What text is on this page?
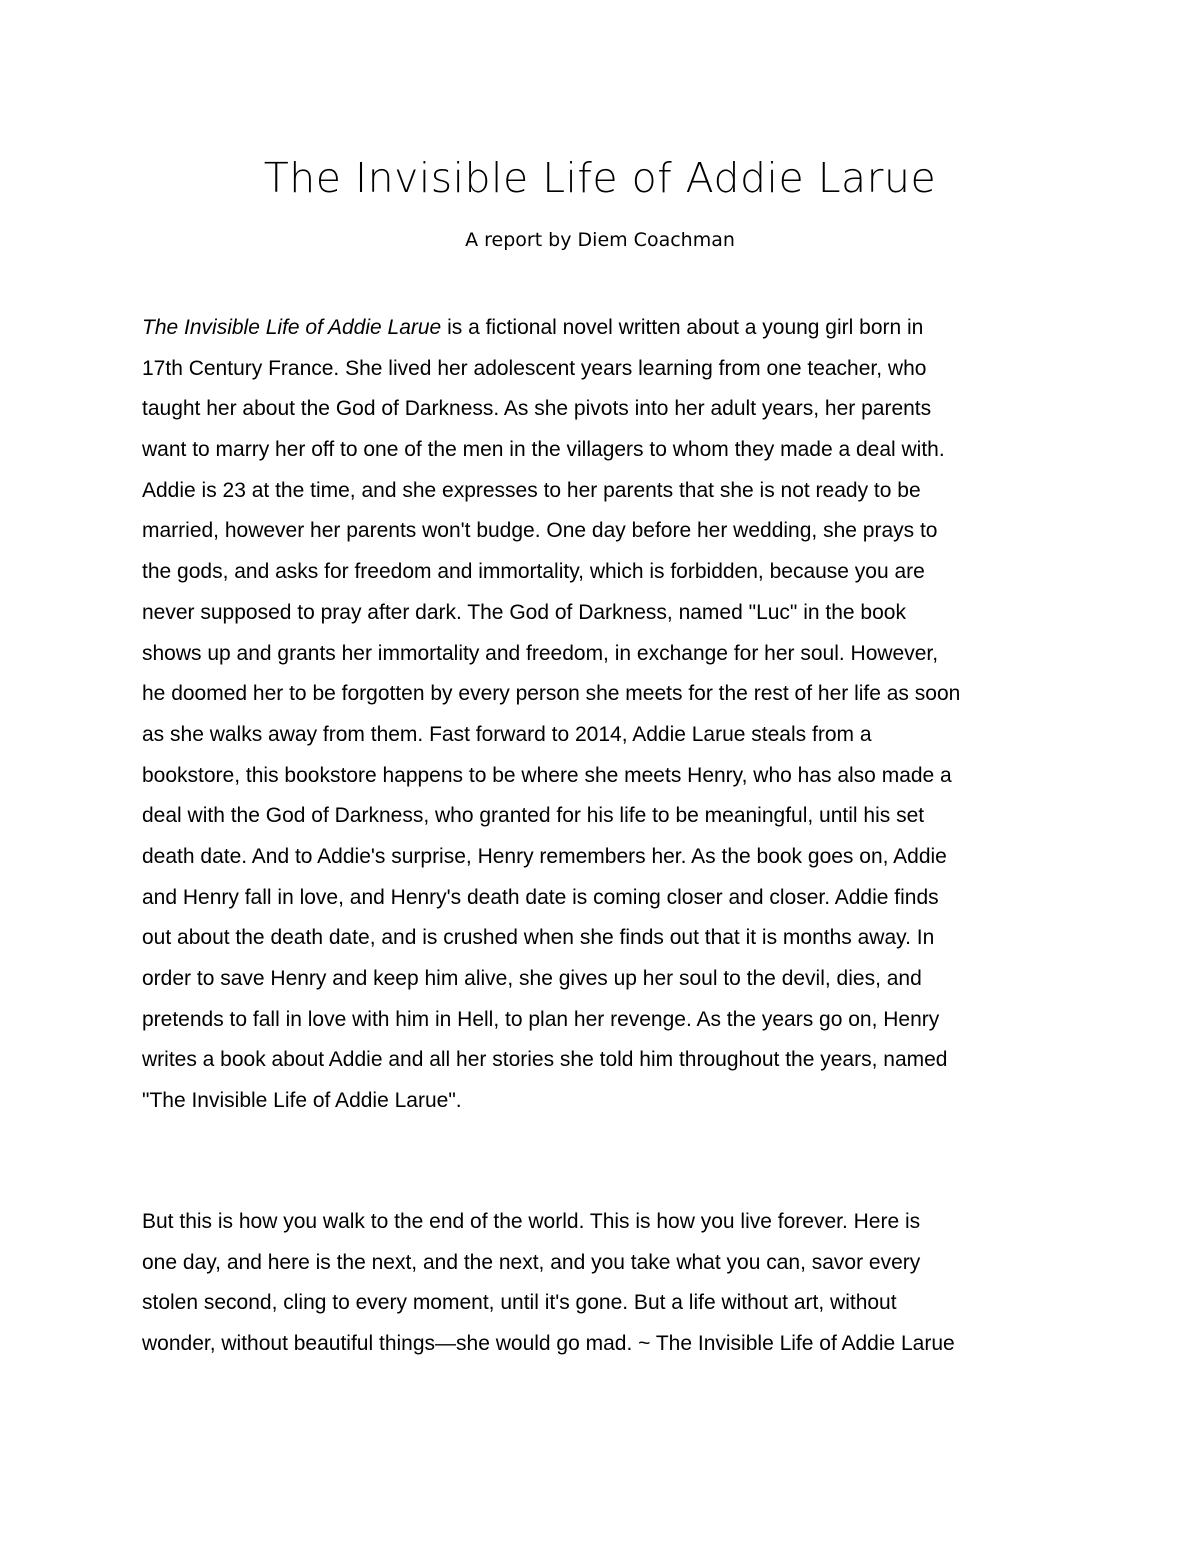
The Invisible Life of Addie Larue

A report by Diem Coachman

The Invisible Life of Addie Larue is a fictional novel written about a young girl born in
17th Century France. She lived her adolescent years learning from one teacher, who
taught her about the God of Darkness. As she pivots into her adult years, her parents
want to marry her off to one of the men in the villagers to whom they made a deal with.
Addie is 23 at the time, and she expresses to her parents that she is not ready to be
married, however her parents won't budge. One day before her wedding, she prays to
the gods, and asks for freedom and immortality, which is forbidden, because you are
never supposed to pray after dark. The God of Darkness, named "Luc" in the book
shows up and grants her immortality and freedom, in exchange for her soul. However,
he doomed her to be forgotten by every person she meets for the rest of her life as soon
as she walks away from them. Fast forward to 2014, Addie Larue steals from a
bookstore, this bookstore happens to be where she meets Henry, who has also made a
deal with the God of Darkness, who granted for his life to be meaningful, until his set
death date. And to Addie's surprise, Henry remembers her. As the book goes on, Addie
and Henry fall in love, and Henry's death date is coming closer and closer. Addie finds
out about the death date, and is crushed when she finds out that it is months away. In
order to save Henry and keep him alive, she gives up her soul to the devil, dies, and
pretends to fall in love with him in Hell, to plan her revenge. As the years go on, Henry
writes a book about Addie and all her stories she told him throughout the years, named
"The Invisible Life of Addie Larue".
But this is how you walk to the end of the world. This is how you live forever. Here is
one day, and here is the next, and the next, and you take what you can, savor every
stolen second, cling to every moment, until it's gone. But a life without art, without
wonder, without beautiful things—she would go mad. ~ The Invisible Life of Addie Larue
